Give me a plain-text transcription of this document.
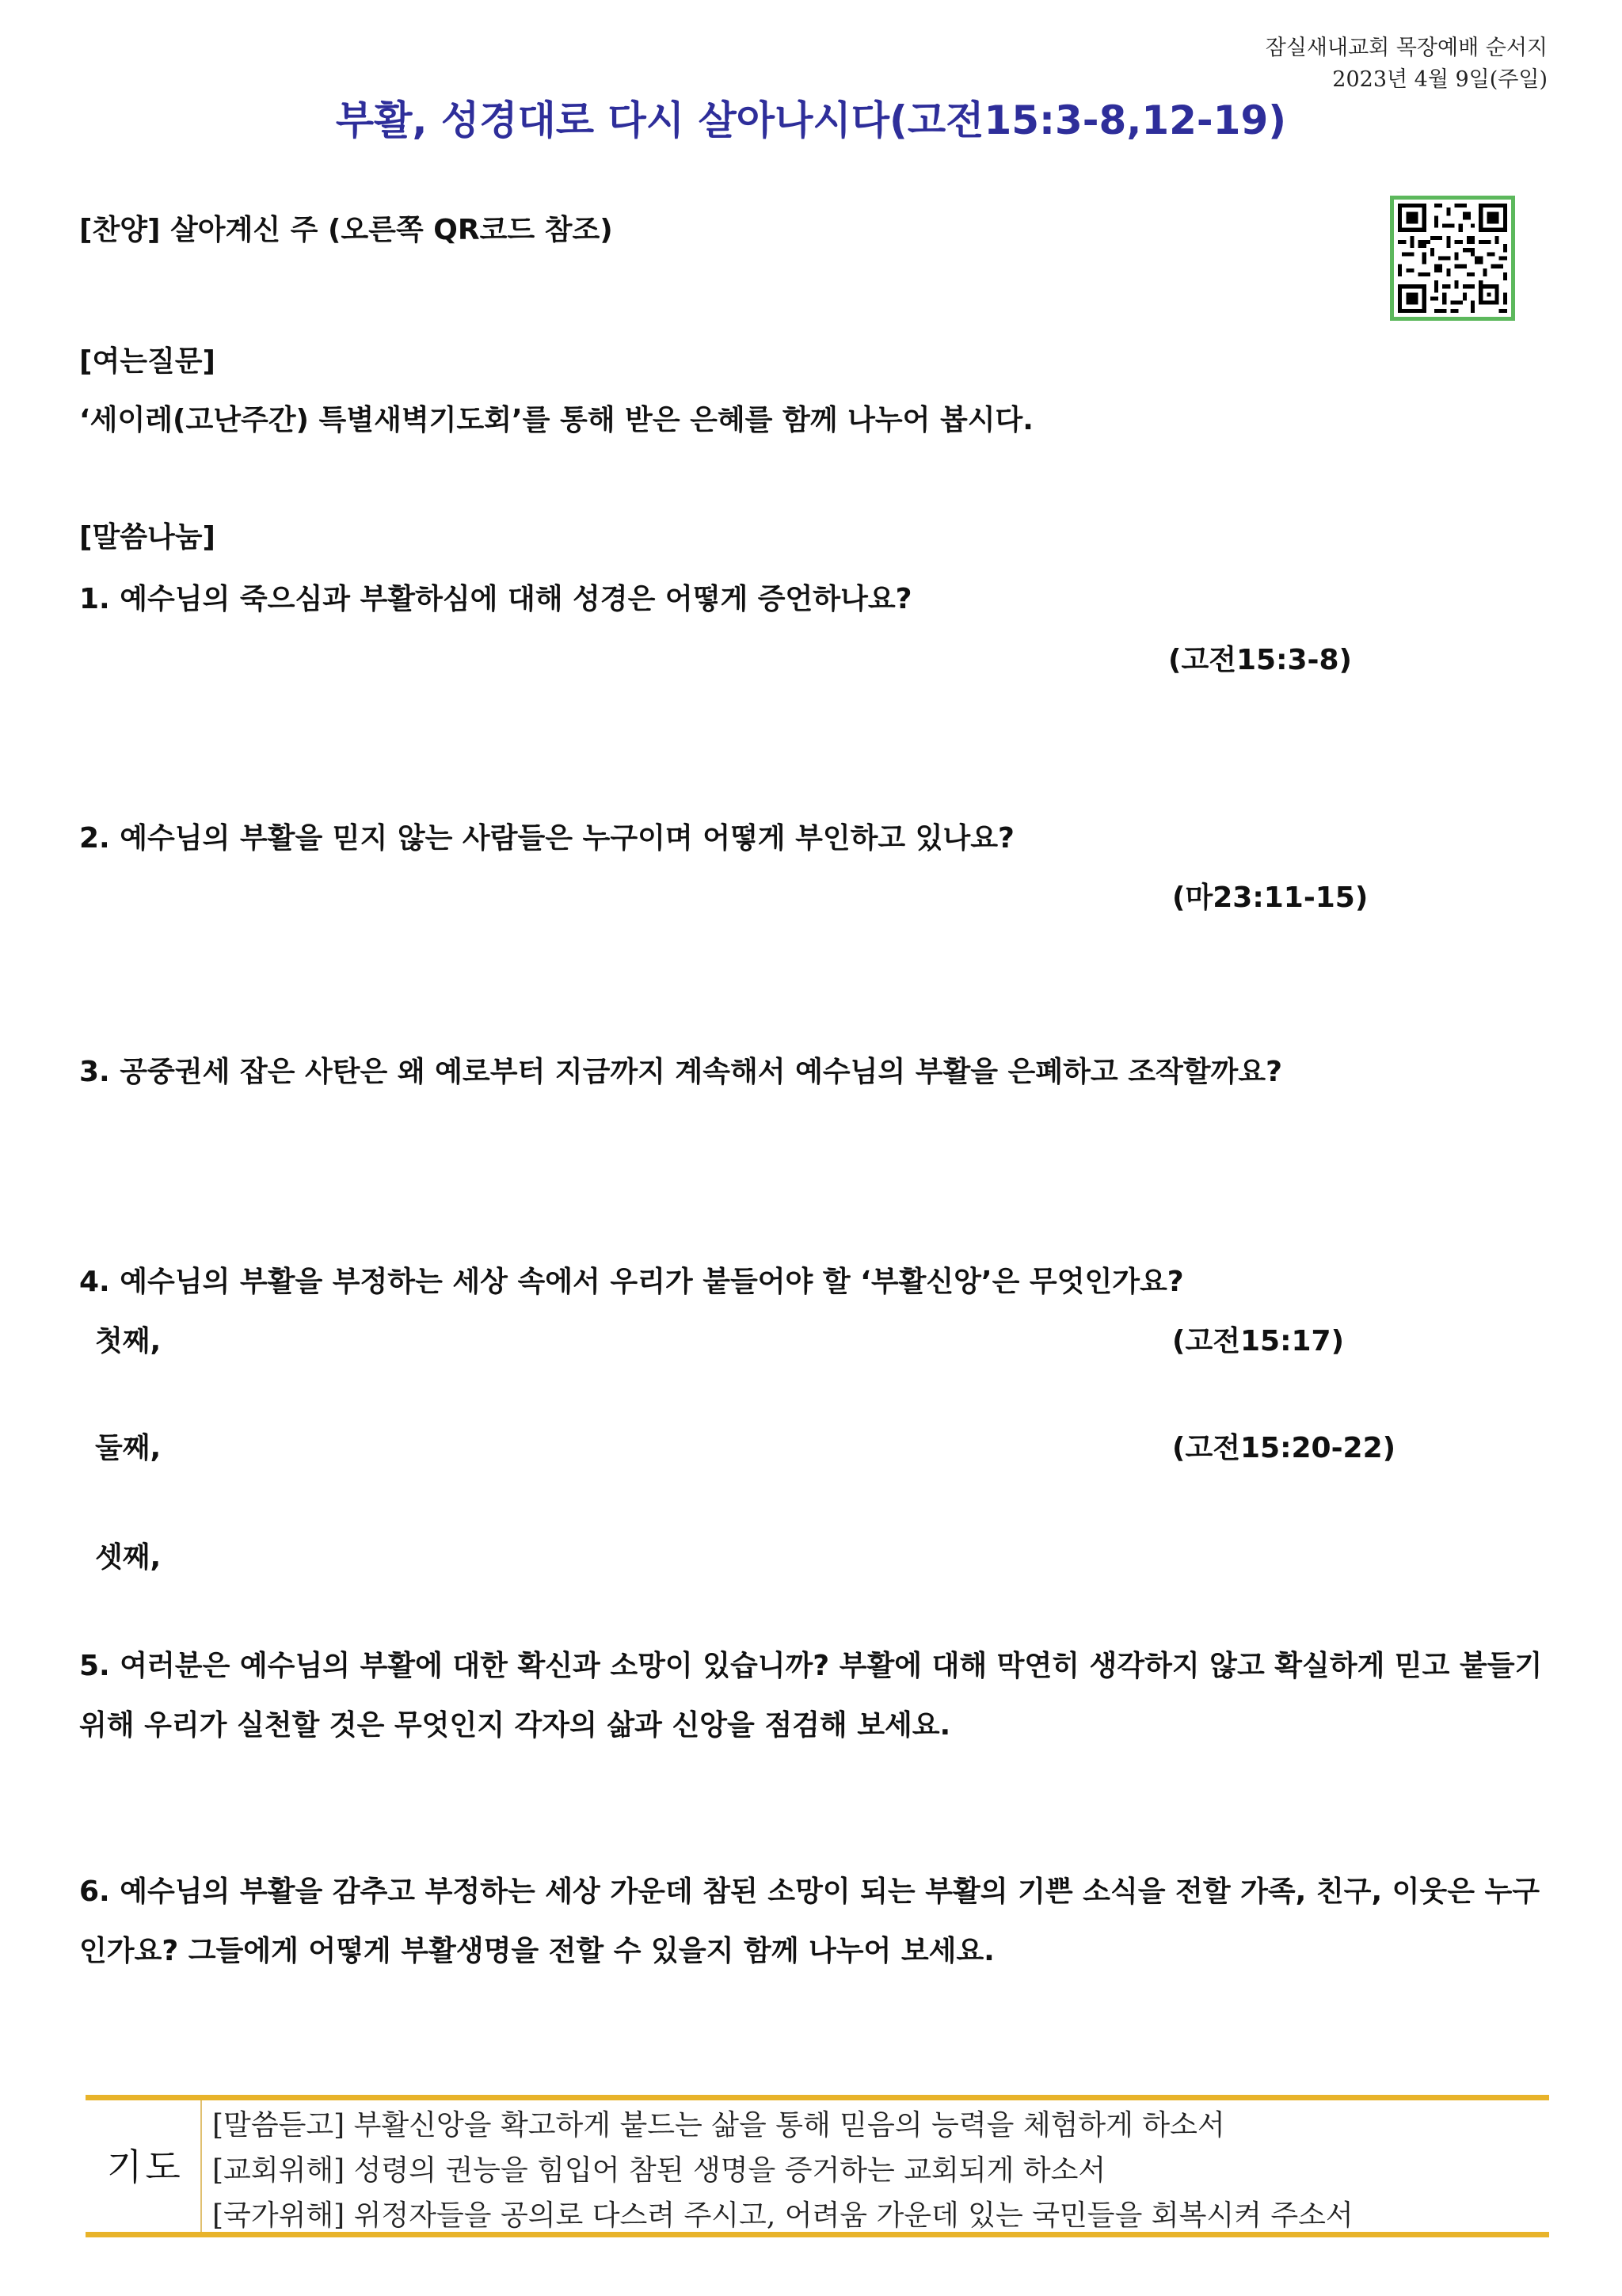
잠실새내교회 목장예배 순서지
2023년 4월 9일(주일)
부활, 성경대로 다시 살아나시다(고전15:3-8,12-19)
[찬양] 살아계신 주 (오른쪽 QR코드 참조)
[여는질문]
‘세이레(고난주간) 특별새벽기도회’를 통해 받은 은혜를 함께 나누어 봅시다.
[말씀나눔]
1. 예수님의 죽으심과 부활하심에 대해 성경은 어떻게 증언하나요?
(고전15:3-8)
2. 예수님의 부활을 믿지 않는 사람들은 누구이며 어떻게 부인하고 있나요?
(마23:11-15)
3. 공중권세 잡은 사탄은 왜 예로부터 지금까지 계속해서 예수님의 부활을 은폐하고 조작할까요?
4. 예수님의 부활을 부정하는 세상 속에서 우리가 붙들어야 할 ‘부활신앙’은 무엇인가요?
첫째,	(고전15:17)
둘째,	(고전15:20-22)
셋째,
5. 여러분은 예수님의 부활에 대한 확신과 소망이 있습니까? 부활에 대해 막연히 생각하지 않고 확실하게 믿고 붙들기
위해 우리가 실천할 것은 무엇인지 각자의 삶과 신앙을 점검해 보세요.
6. 예수님의 부활을 감추고 부정하는 세상 가운데 참된 소망이 되는 부활의 기쁜 소식을 전할 가족, 친구, 이웃은 누구
인가요? 그들에게 어떻게 부활생명을 전할 수 있을지 함께 나누어 보세요.
기도
[말씀듣고] 부활신앙을 확고하게 붙드는 삶을 통해 믿음의 능력을 체험하게 하소서
[교회위해] 성령의 권능을 힘입어 참된 생명을 증거하는 교회되게 하소서
[국가위해] 위정자들을 공의로 다스려 주시고, 어려움 가운데 있는 국민들을 회복시켜 주소서
